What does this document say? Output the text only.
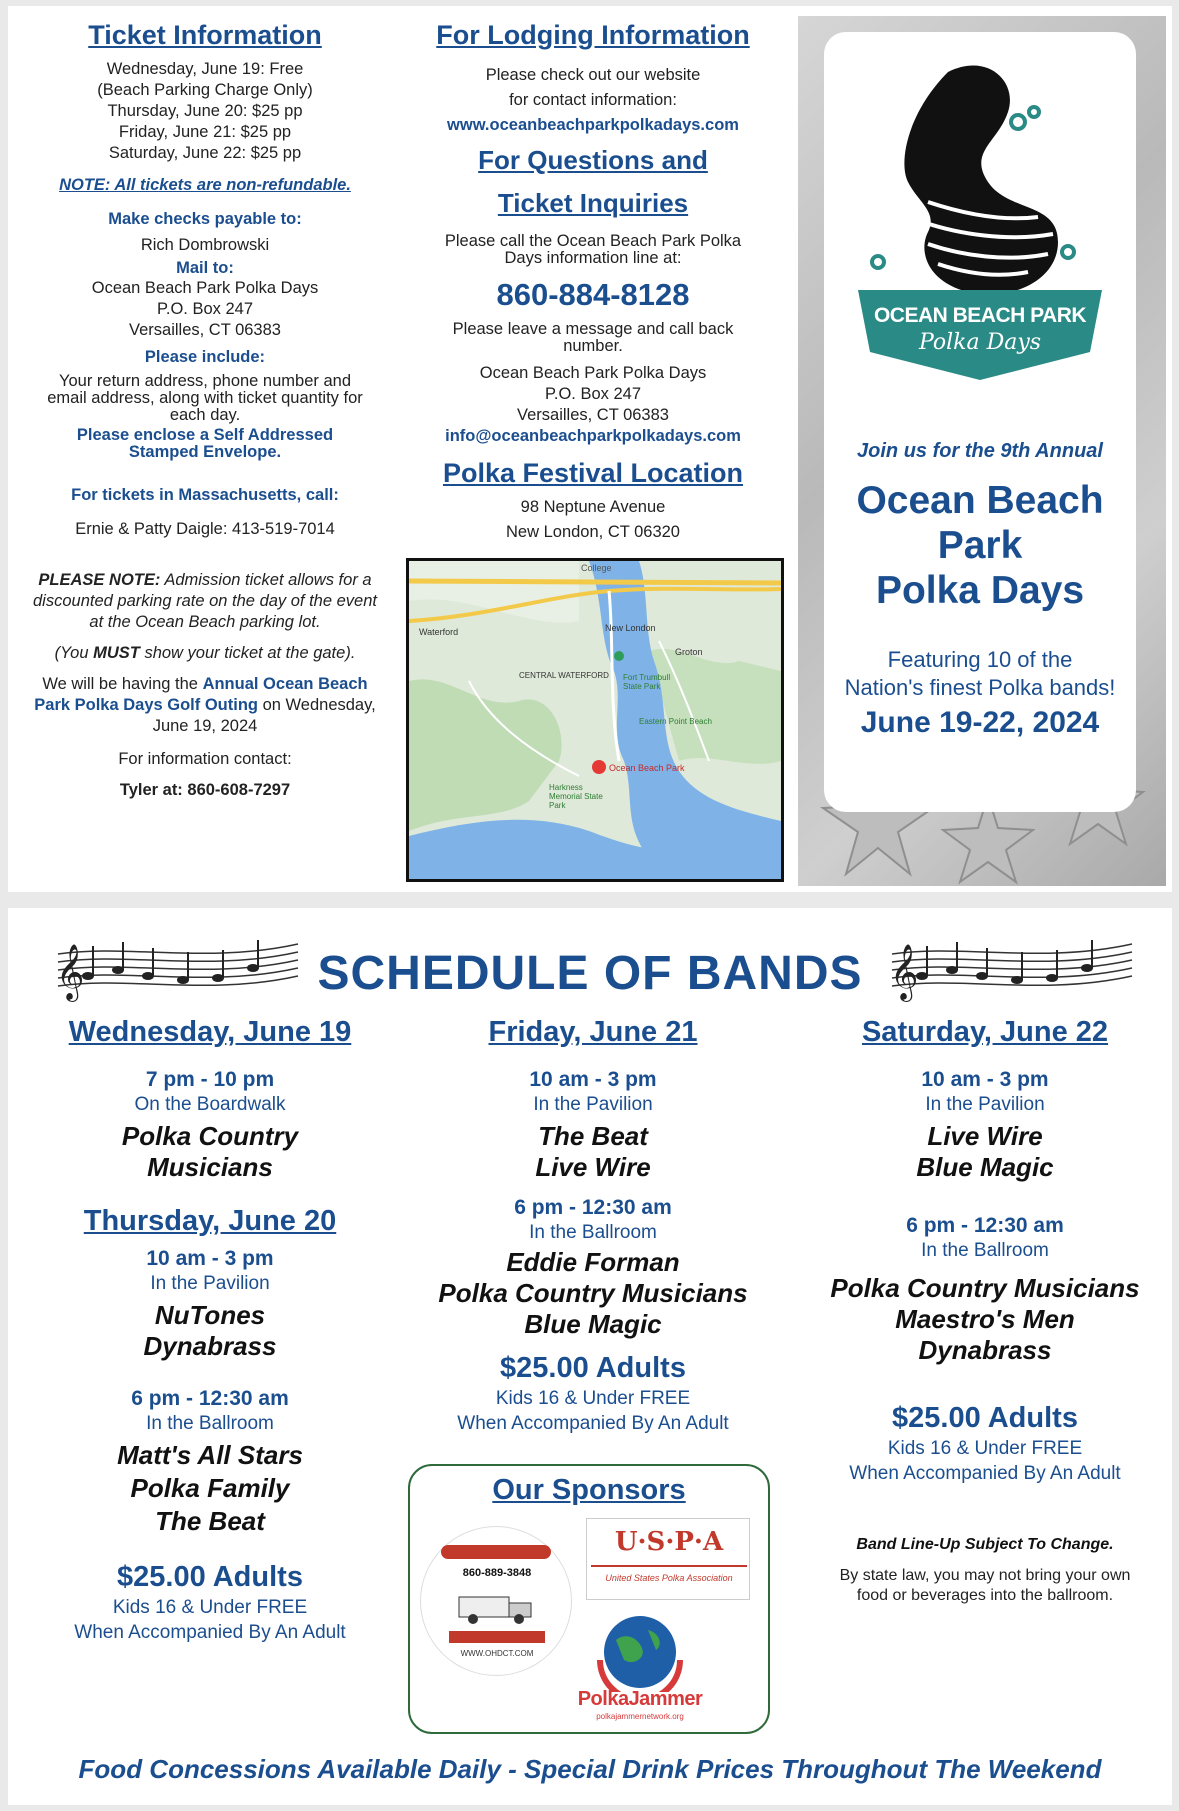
Ticket Information
Wednesday, June 19: Free
(Beach Parking Charge Only)
Thursday, June 20: $25 pp
Friday, June 21: $25 pp
Saturday, June 22: $25 pp
NOTE: All tickets are non-refundable.
Make checks payable to:
Rich Dombrowski
Mail to:
Ocean Beach Park Polka Days
P.O. Box 247
Versailles, CT 06383
Please include:
Your return address, phone number and email address, along with ticket quantity for each day.
Please enclose a Self Addressed Stamped Envelope.
For tickets in Massachusetts, call:
Ernie & Patty Daigle: 413-519-7014
PLEASE NOTE: Admission ticket allows for a discounted parking rate on the day of the event at the Ocean Beach parking lot.
(You MUST show your ticket at the gate).
We will be having the Annual Ocean Beach Park Polka Days Golf Outing on Wednesday, June 19, 2024
For information contact:
Tyler at: 860-608-7297
For Lodging Information
Please check out our website
for contact information:
www.oceanbeachparkpolkadays.com
For Questions and
Ticket Inquiries
Please call the Ocean Beach Park Polka Days information line at:
860-884-8128
Please leave a message and call back number.
Ocean Beach Park Polka Days
P.O. Box 247
Versailles, CT 06383
info@oceanbeachparkpolkadays.com
Polka Festival Location
98 Neptune Avenue
New London, CT 06320
College
Waterford	New London
Groton
CENTRAL WATERFORD Fort Trumbull State Park
Eastern Point Beach
Ocean Beach Park
Harkness Memorial State Park
OCEAN BEACH PARK
Polka Days
Join us for the 9th Annual
Ocean Beach
Park
Polka Days
Featuring 10 of the
Nation's finest Polka bands!
June 19-22, 2024
𝄞	𝄞
SCHEDULE OF BANDS
Wednesday, June 19
7 pm - 10 pm
On the Boardwalk
Polka Country
Musicians
Thursday, June 20
10 am - 3 pm
In the Pavilion
NuTones
Dynabrass
6 pm - 12:30 am
In the Ballroom
Matt's All Stars
Polka Family
The Beat
$25.00 Adults
Kids 16 & Under FREE
When Accompanied By An Adult
Friday, June 21
10 am - 3 pm
In the Pavilion
The Beat
Live Wire
6 pm - 12:30 am
In the Ballroom
Eddie Forman
Polka Country Musicians
Blue Magic
$25.00 Adults
Kids 16 & Under FREE
When Accompanied By An Adult
Our Sponsors
860-889-3848
WWW.OHDCT.COM
U·S·P·A
United States Polka Association
PolkaJammer
polkajammernetwork.org
Saturday, June 22
10 am - 3 pm
In the Pavilion
Live Wire
Blue Magic
6 pm - 12:30 am
In the Ballroom
Polka Country Musicians
Maestro's Men
Dynabrass
$25.00 Adults
Kids 16 & Under FREE
When Accompanied By An Adult
Band Line-Up Subject To Change.
By state law, you may not bring your own food or beverages into the ballroom.
Food Concessions Available Daily - Special Drink Prices Throughout The Weekend
